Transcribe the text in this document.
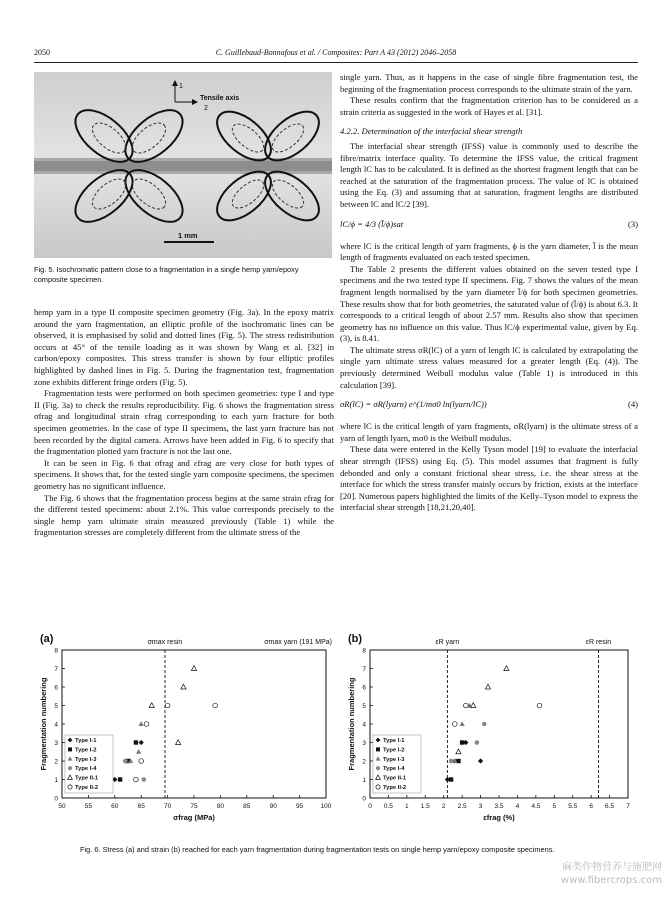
2050	C. Guillebaud-Bonnafous et al. / Composites: Part A 43 (2012) 2046–2058
1
Tensile axis
2
1 mm
Fig. 5. Isochromatic pattern close to a fragmentation in a single hemp yarn/epoxy composite specimen.

hemp yarn in a type II composite specimen geometry (Fig. 3a). In the epoxy matrix around the yarn fragmentation, an elliptic profile of the isochromatic lines can be observed, it is emphasised by solid and dotted lines (Fig. 5). The stress redistribution occurs at 45° of the tensile loading as it was shown by Wang et al. [32] in carbon/epoxy composites. This stress transfer is shown by four elliptic profiles highlighted by dashed lines in Fig. 5. During the fragmentation test, fragmentation zone exhibits different fringe orders (Fig. 5).

Fragmentation tests were performed on both specimen geometries: type I and type II (Fig. 3a) to check the results reproducibility. Fig. 6 shows the fragmentation stress σfrag and longitudinal strain εfrag corresponding to each yarn fracture for both specimen geometries. In the case of type II specimens, the last yarn fracture has not been recorded by the digital camera. Arrows have been added in Fig. 6 to specify that the fragmentation plotted yarn fracture is not the last one.

It can be seen in Fig. 6 that σfrag and εfrag are very close for both types of specimens. It shows that, for the tested single yarn composite specimens, the specimen geometry has no significant influence.

The Fig. 6 shows that the fragmentation process begins at the same strain εfrag for the different tested specimens: about 2.1%. This value corresponds precisely to the single hemp yarn ultimate strain measured previously (Table 1) while the fragmentation stresses are completely different from the ultimate stress of the

single yarn. Thus, as it happens in the case of single fibre fragmentation test, the beginning of the fragmentation process corresponds to the ultimate strain of the yarn.

These results confirm that the fragmentation criterion has to be considered as a strain criteria as suggested in the work of Hayes et al. [31].

4.2.2. Determination of the interfacial shear strength

The interfacial shear strength (IFSS) value is commonly used to describe the fibre/matrix interface quality. To determine the IFSS value, the critical fragment length lC has to be calculated. It is defined as the shortest fragment length that can be reached at the saturation of the fragmentation process. The value of lC is obtained using the Eq. (3) and assuming that at saturation, fragment lengths are distributed between lC and lC/2 [39].

lC/ϕ = 4/3 (l̄/ϕ)sat	(3)

where lC is the critical length of yarn fragments, ϕ is the yarn diameter, l̄ is the mean length of fragments evaluated on each tested specimen.

The Table 2 presents the different values obtained on the seven tested type I specimens and the two tested type II specimens. Fig. 7 shows the values of the mean fragment length normalised by the yarn diameter l̄/ϕ for both specimen geometries. These results show that for both geometries, the saturated value of (l̄/ϕ) is about 6.3. It corresponds to a critical length of about 2.57 mm. Results also show that specimen geometry has no influence on this value. Thus lC/ϕ experimental value, given by Eq. (3), is 8.41.

The ultimate stress σR(lC) of a yarn of length lC is calculated by extrapolating the single yarn ultimate stress values measured for a greater length (Eq. (4)). The previously determined Weibull modulus value (Table 1) is introduced in this calculation [39].

σR(lC) = σR(lyarn) e^(1/mσ0 ln(lyarn/lC))	(4)

where lC is the critical length of yarn fragments, σR(lyarn) is the ultimate stress of a yarn of length lyarn, mσ0 is the Weibull modulus.

These data were entered in the Kelly Tyson model [19] to evaluate the interfacial shear strength (IFSS) using Eq. (5). This model assumes that fragment is fully debonded and only a constant frictional shear stress, i.e. the shear stress at the interface for which the stress transfer mainly occurs by friction, exists at the interface [20]. Numerous papers highlighted the limits of the Kelly–Tyson model to express the interfacial shear strength [18,21,20,40].

(a)
50	55	60	65	70	75	80	85	90	95	100
0
1
2
3
4
5
6
7
8
σfrag (MPa)
Fragmentation numbering
σmax resin	σmax yarn (191 MPa)
Type I-1
Type I-2
Type I-3
Type I-4
Type II-1
Type II-2
(b)
0 0.5 1 1.5 2 2.5 3 3.5 4 4.5 5 5.5 6 6.5 7
0
1
2
3
4
5
6
7
8
εfrag (%)
Fragmentation numbering
εR yarn	εR resin
Type I-1
Type I-2
Type I-3
Type I-4
Type II-1
Type II-2
Fig. 6. Stress (a) and strain (b) reached for each yarn fragmentation during fragmentation tests on single hemp yarn/epoxy composite specimens.
麻类作物营养与施肥网
www.fibercrops.com
